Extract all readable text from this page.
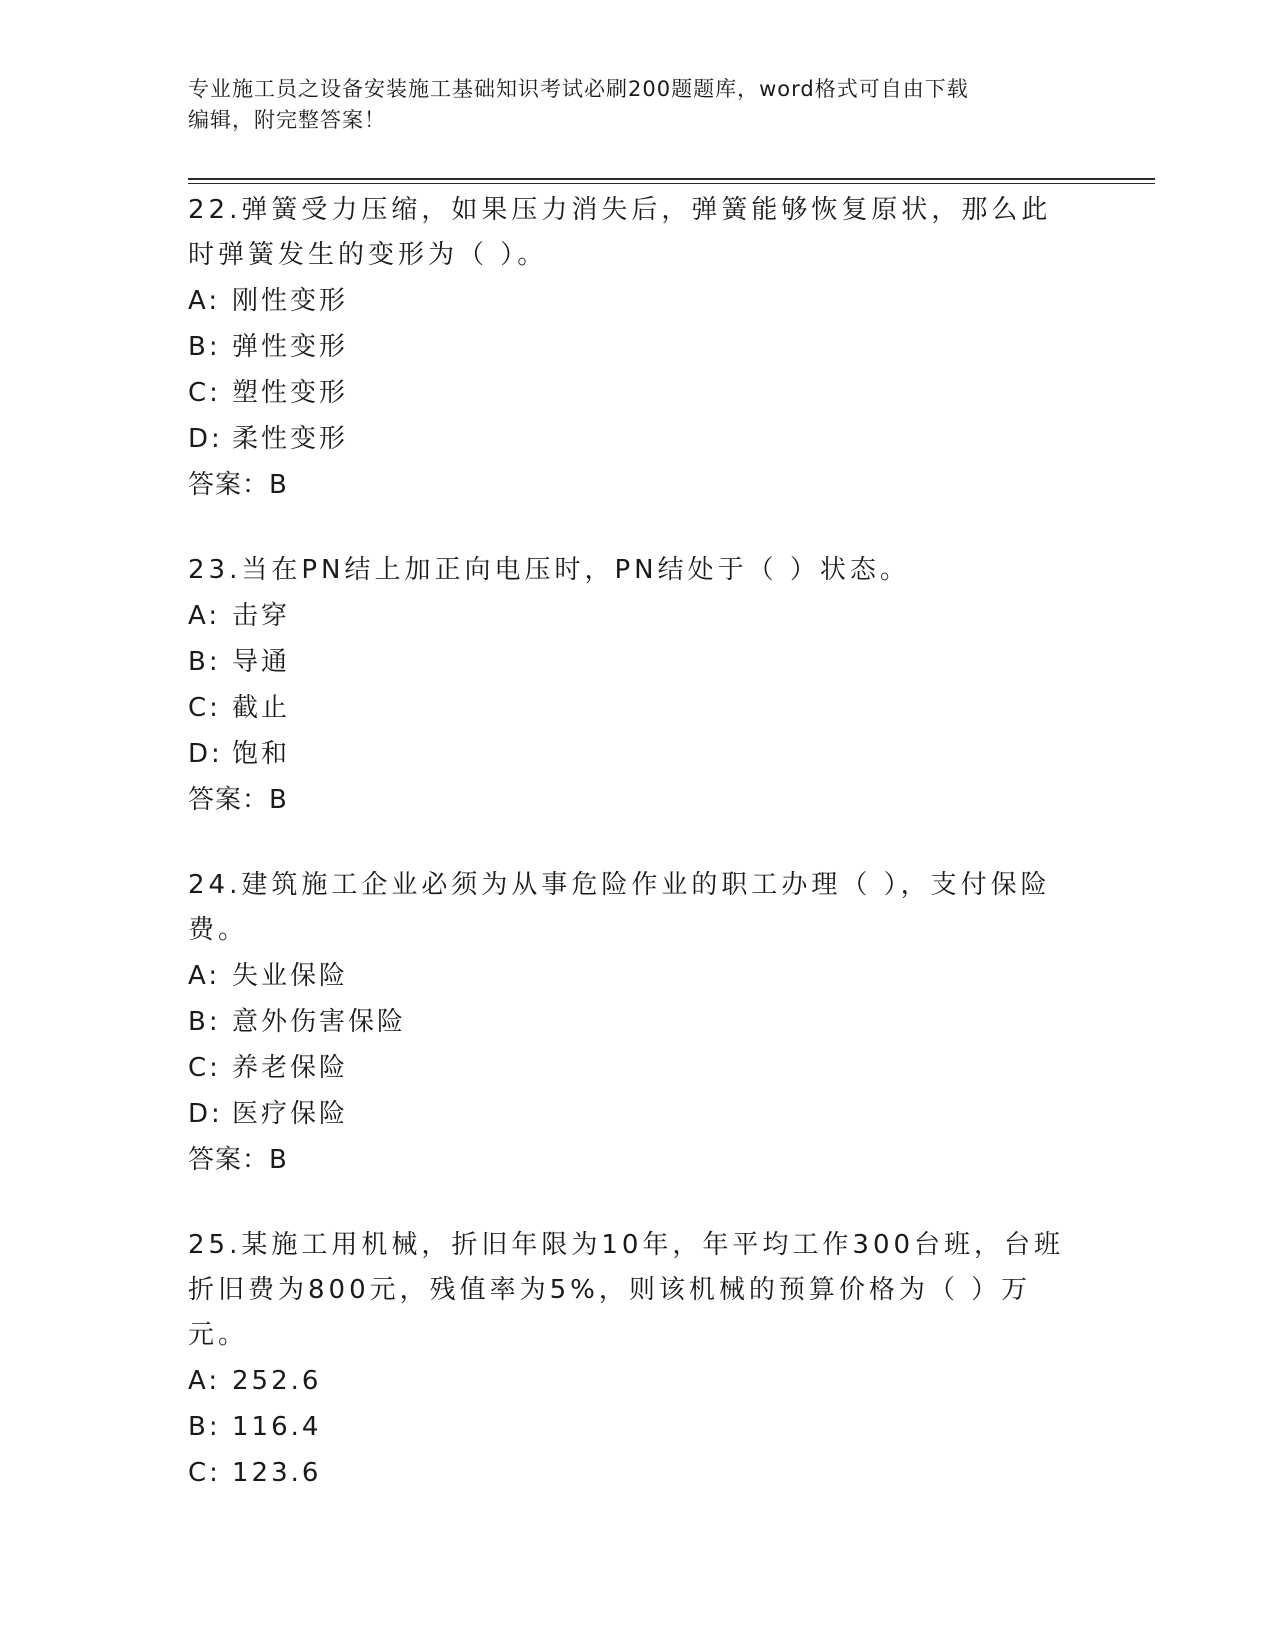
专业施工员之设备安装施工基础知识考试必刷200题题库，word格式可自由下载
编辑，附完整答案！
22.弹簧受力压缩，如果压力消失后，弹簧能够恢复原状，那么此时弹簧发生的变形为（ ）。
A: 刚性变形
B: 弹性变形
C: 塑性变形
D: 柔性变形
答案：B
23.当在PN结上加正向电压时，PN结处于（ ）状态。
A: 击穿
B: 导通
C: 截止
D: 饱和
答案：B
24.建筑施工企业必须为从事危险作业的职工办理（ ），支付保险费。
A: 失业保险
B: 意外伤害保险
C: 养老保险
D: 医疗保险
答案：B
25.某施工用机械，折旧年限为10年，年平均工作300台班，台班折旧费为800元，残值率为5%，则该机械的预算价格为（ ）万元。
A: 252.6
B: 116.4
C: 123.6
